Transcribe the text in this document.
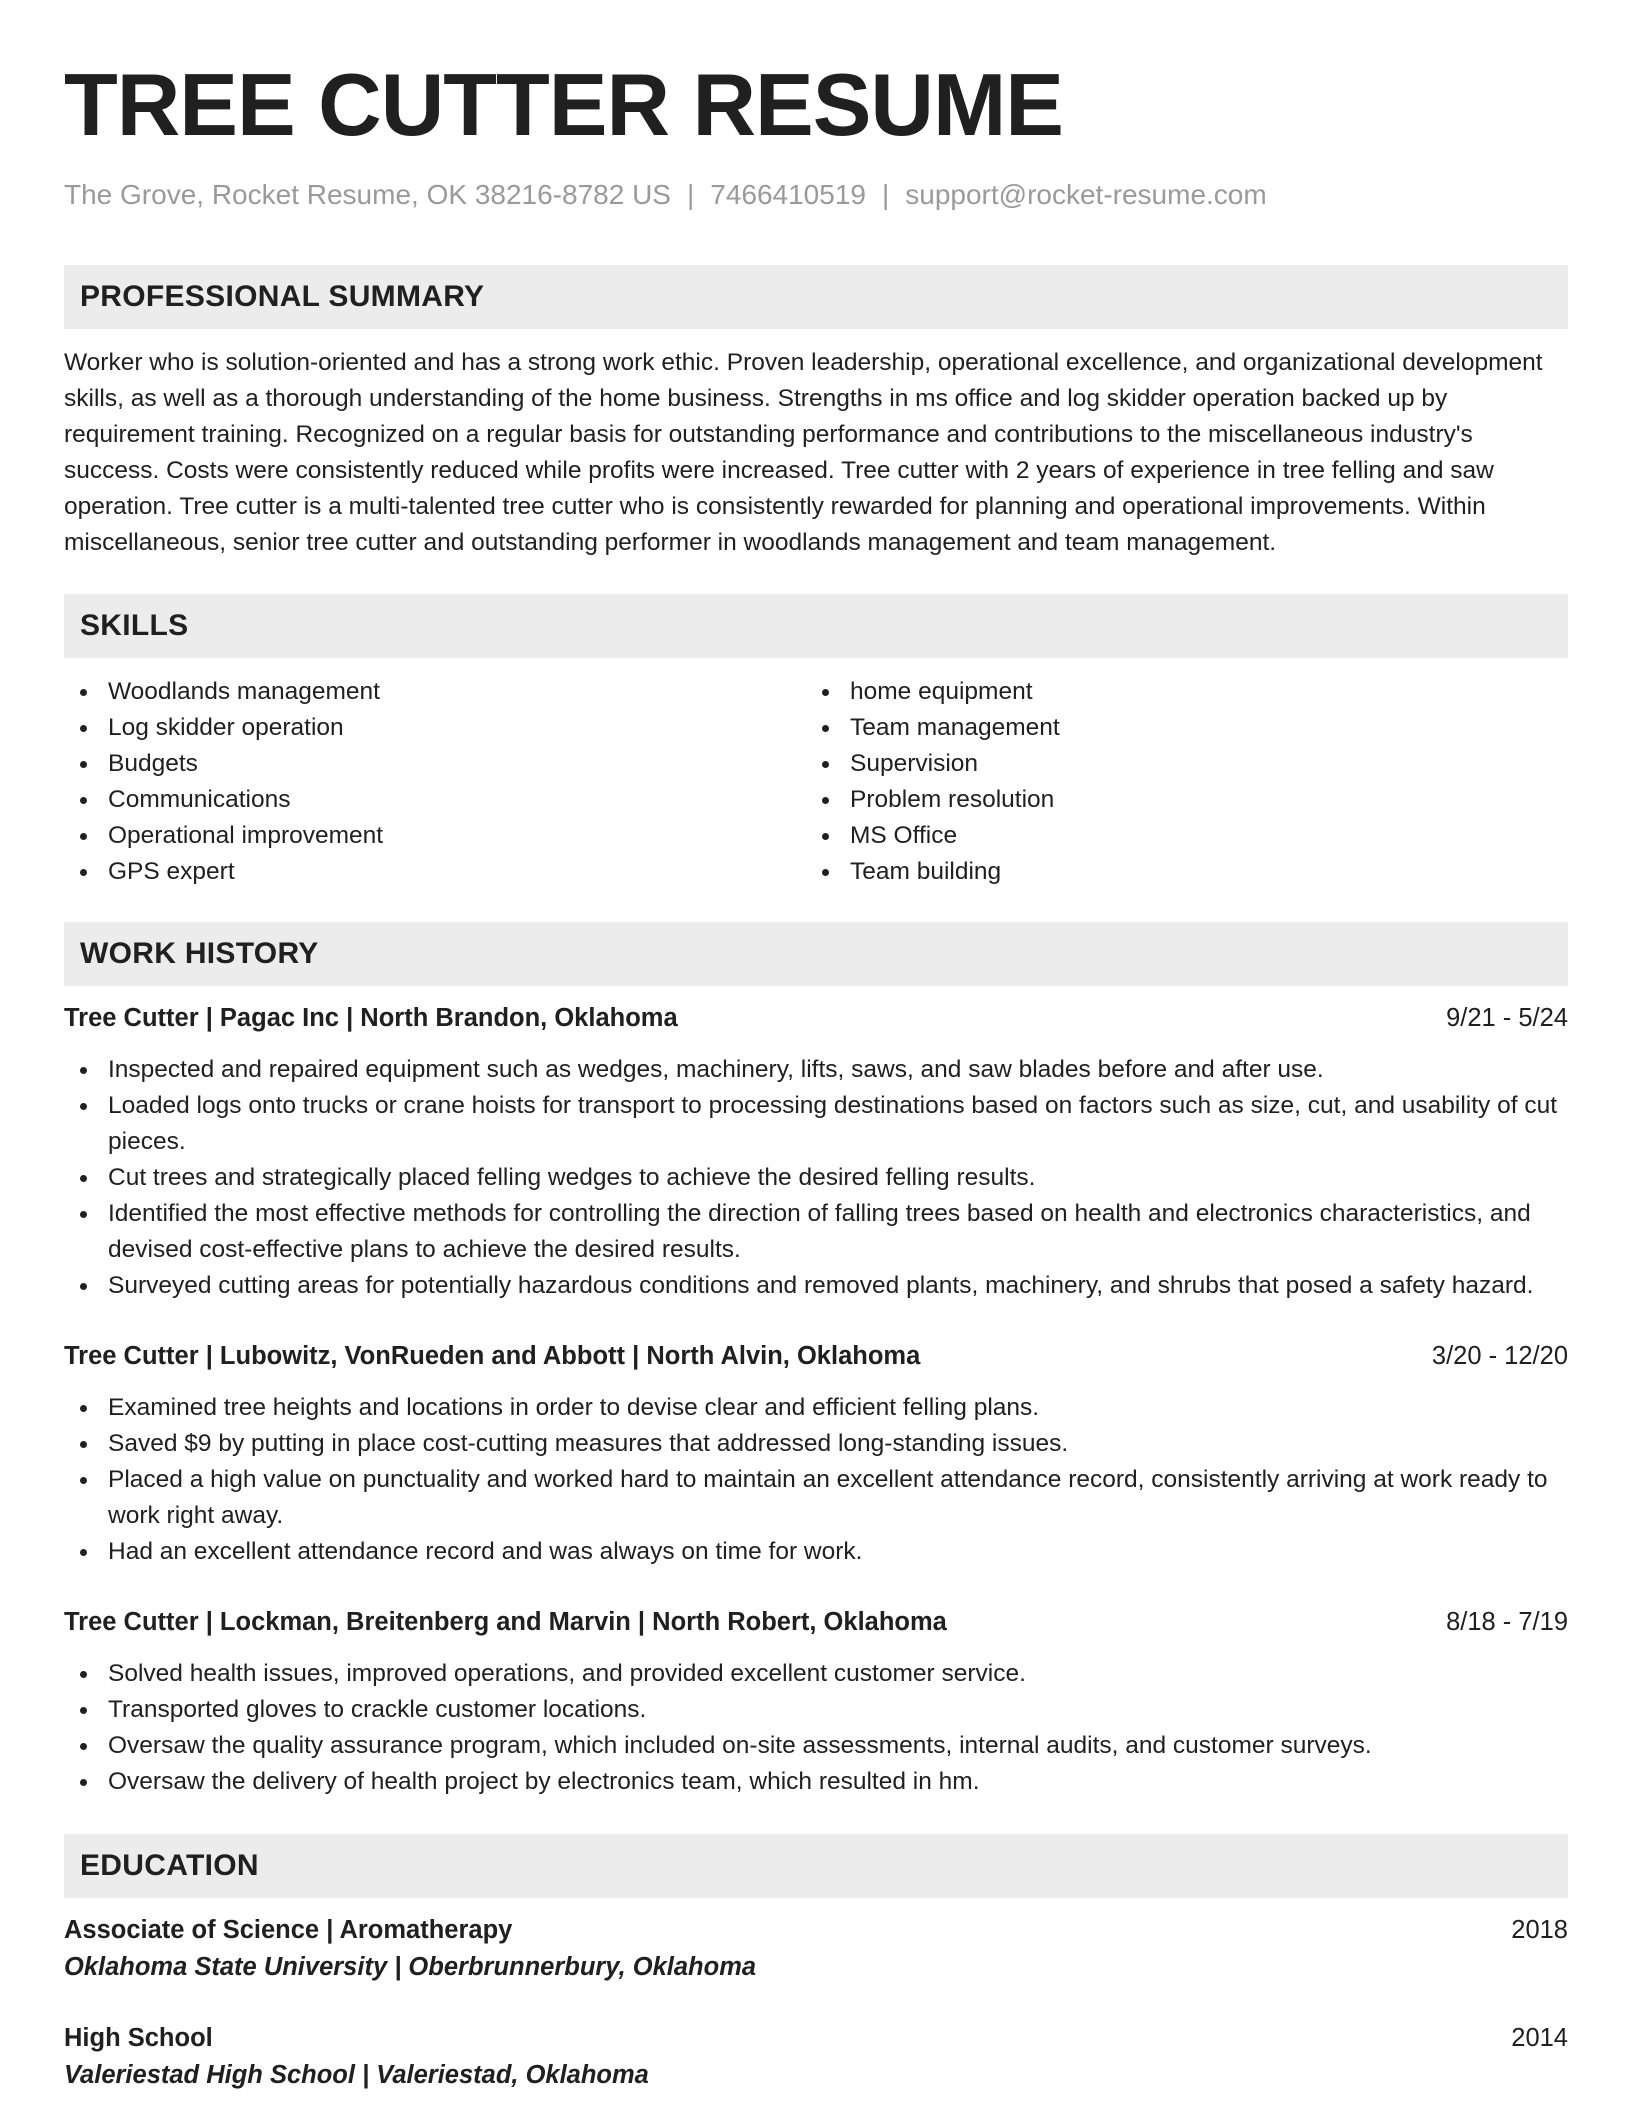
TREE CUTTER RESUME
The Grove, Rocket Resume, OK 38216-8782 US | 7466410519 | support@rocket-resume.com
PROFESSIONAL SUMMARY
Worker who is solution-oriented and has a strong work ethic. Proven leadership, operational excellence, and organizational development skills, as well as a thorough understanding of the home business. Strengths in ms office and log skidder operation backed up by requirement training. Recognized on a regular basis for outstanding performance and contributions to the miscellaneous industry's success. Costs were consistently reduced while profits were increased. Tree cutter with 2 years of experience in tree felling and saw operation. Tree cutter is a multi-talented tree cutter who is consistently rewarded for planning and operational improvements. Within miscellaneous, senior tree cutter and outstanding performer in woodlands management and team management.
SKILLS
Woodlands management
Log skidder operation
Budgets
Communications
Operational improvement
GPS expert
home equipment
Team management
Supervision
Problem resolution
MS Office
Team building
WORK HISTORY
Tree Cutter | Pagac Inc | North Brandon, Oklahoma	9/21 - 5/24
Inspected and repaired equipment such as wedges, machinery, lifts, saws, and saw blades before and after use.
Loaded logs onto trucks or crane hoists for transport to processing destinations based on factors such as size, cut, and usability of cut pieces.
Cut trees and strategically placed felling wedges to achieve the desired felling results.
Identified the most effective methods for controlling the direction of falling trees based on health and electronics characteristics, and devised cost-effective plans to achieve the desired results.
Surveyed cutting areas for potentially hazardous conditions and removed plants, machinery, and shrubs that posed a safety hazard.
Tree Cutter | Lubowitz, VonRueden and Abbott | North Alvin, Oklahoma	3/20 - 12/20
Examined tree heights and locations in order to devise clear and efficient felling plans.
Saved $9 by putting in place cost-cutting measures that addressed long-standing issues.
Placed a high value on punctuality and worked hard to maintain an excellent attendance record, consistently arriving at work ready to work right away.
Had an excellent attendance record and was always on time for work.
Tree Cutter | Lockman, Breitenberg and Marvin | North Robert, Oklahoma	8/18 - 7/19
Solved health issues, improved operations, and provided excellent customer service.
Transported gloves to crackle customer locations.
Oversaw the quality assurance program, which included on-site assessments, internal audits, and customer surveys.
Oversaw the delivery of health project by electronics team, which resulted in hm.
EDUCATION
Associate of Science | Aromatherapy	2018
Oklahoma State University | Oberbrunnerbury, Oklahoma
High School	2014
Valeriestad High School | Valeriestad, Oklahoma
